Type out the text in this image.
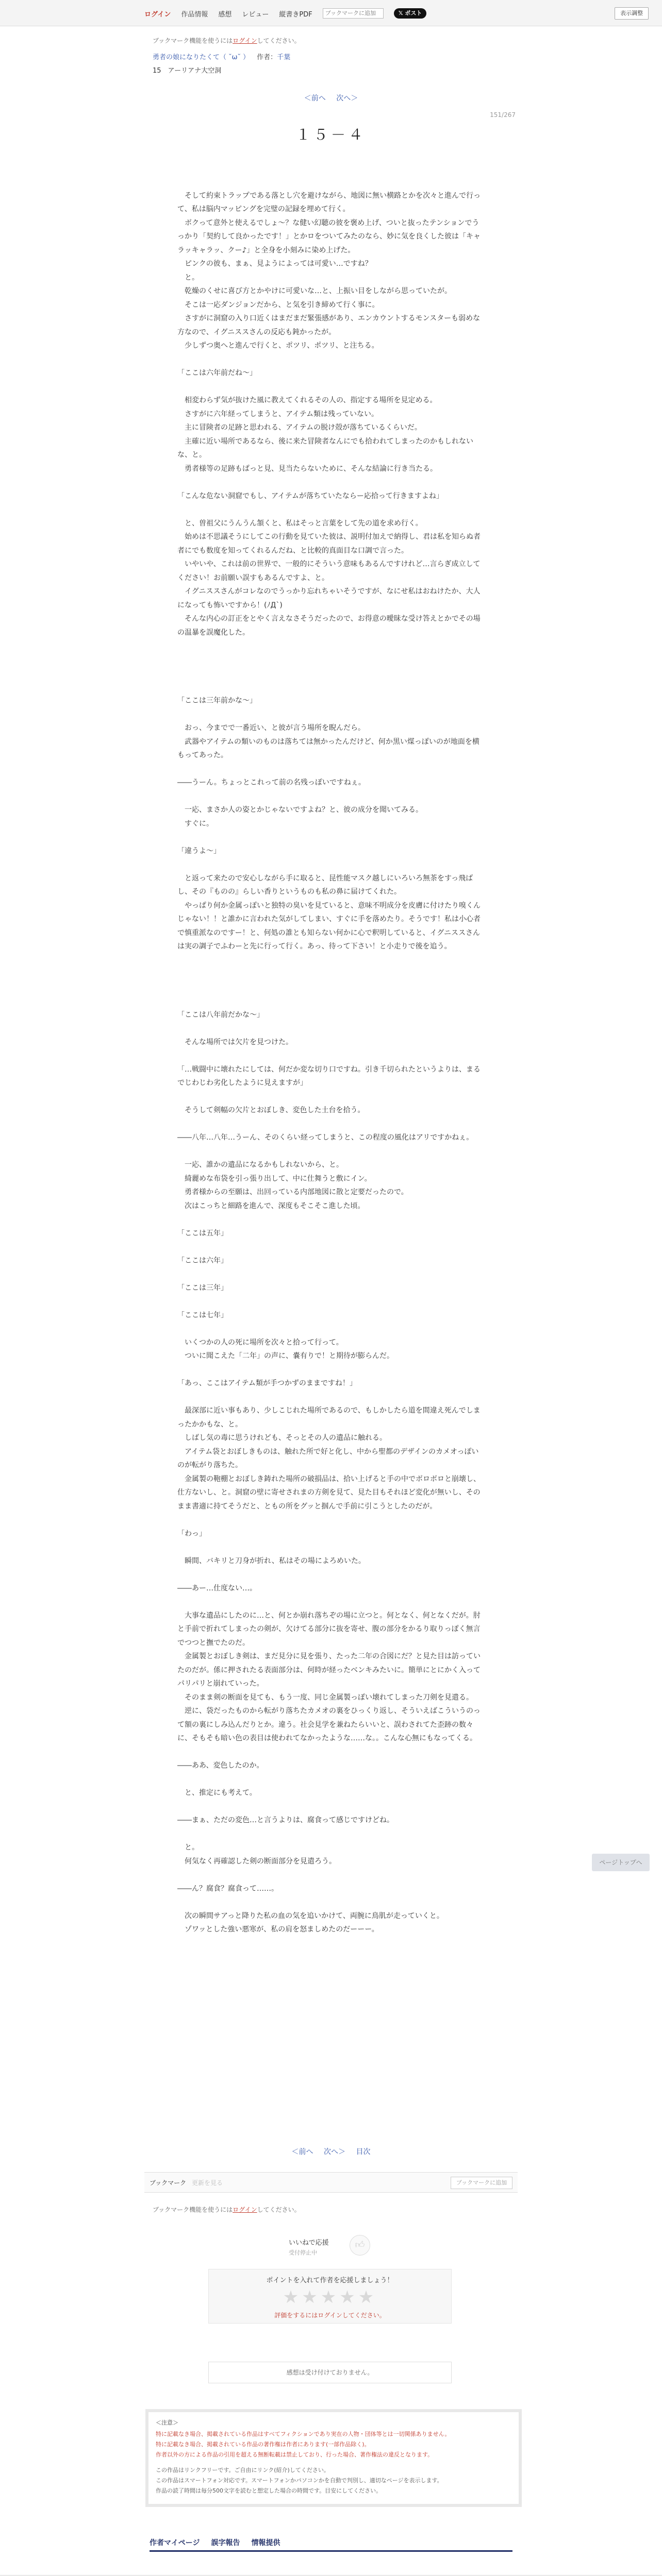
ログイン 作品情報 感想 レビュー 縦書きPDF
ブックマークに追加	𝕏 ポスト	表示調整
ブックマーク機能を使うにはログインしてください。
勇者の娘になりたくて（ ˘ω˘ ） 作者：千葉
15　アーリアナ大空洞
＜前へ 次へ＞
151/267
１５－４

　そして約束トラップである落とし穴を避けながら、地図に無い横路とかを次々と進んで行って、私は脳内マッピングを完璧の記録を埋めて行く。

　ボクって意外と使えるでしょ～？な健い幻聴の彼を褒め上げ、ついと抜ったテンションでうっかり「契約して良かったです！」とかロをついてみたのなら、妙に気を良くした彼は「キャラッキャラッ、クー♪」と全身を小刻みに染め上げた。

　ピンクの彼も、まぁ、見ようによっては可愛い…ですね？

　と。

　乾燥のくせに喜び方とかやけに可愛いな…と、上振い目をしながら思っていたが。

　そこは一応ダンジョンだから、と気を引き締めて行く事に。

　さすがに洞窟の入り口近くはまだまだ緊張感があり、エンカウントするモンスターも弱めな方なので、イグニススさんの反応も鈍かったが。

　少しずつ奥へと進んで行くと、ポツリ、ポツリ、と注ちる。

「ここは六年前だね～」

　相変わらず気が抜けた風に教えてくれるその人の、指定する場所を見定める。

　さすがに六年経ってしまうと、アイテム類は残っていない。

　主に冒険者の足跡と思われる、アイテムの脱け殻が落ちているくらいだ。

　主確に近い場所であるなら、後に来た冒険者なんにでも拾われてしまったのかもしれないな、と。

　勇者様等の足跡もぱっと見、見当たらないために、そんな結論に行き当たる。

「こんな危ない洞窟でもし、アイテムが落ちていたならー応拾って行きますよね」

　と、曽祖父にうんうん頷くと、私はそっと言葉をして先の道を求め行く。

　始めは不思議そうにしてこの行動を見ていた彼は、説明付加えで納得し、君は私を知らぬ者者にでも数度を知ってくれるんだね、と比較的真面目な口調で言った。

　いやいや、これは前の世界で、一般的にそういう意味もあるんですけれど…言らぎ成立してください！お前願い誤すもあるんですよ、と。

　イグニススさんがコレなのでうっかり忘れちゃいそうですが、なにせ私はおねけたか、大人になっても怖いですから！(ﾉД`)

　そんな内心の訂正をとやく言えなさそうだったので、お得意の曖昧な受け答えとかでその場の温暴を誤魔化した。

「ここは三年前かな～」

　おっ、今までで一番近い、と彼が言う場所を睨んだら。

　武器やアイテムの類いのものは落ちては無かったんだけど、何か黒い煤っぽいのが地面を横もってあった。

――うーん。ちょっとこれって前の名残っぽいですねぇ。

　一応、まさか人の姿とかじゃないですよね？と、彼の成分を聞いてみる。

　すぐに。

「違うよ～」

　と返って来たので安心しながら手に取ると、昆性能マスク越しにいろいろ無茶をすっ飛ばし、その『ものの』らしい香りというものも私の鼻に届けてくれた。

　やっぱり何か金属っぽいと独特の臭いを見ていると、意味不明成分を皮膚に付けたり嗅くんじゃない！！と誰かに言われた気がしてしまい、すぐに手を落めたり。そうです！私は小心者で慎重派なのですー！と、何処の誰とも知らない何かに心で釈明していると、イグニススさんは実の調子でふわーと先に行って行く。あっ、待って下さい！と小走りで後を追う。

「ここは八年前だかな～」

　そんな場所では欠片を見つけた。

「…戦闘中に壊れたにしては、何だか変な切り口ですね。引き千切られたというよりは、まるでじわじわ劣化したように見えますが」

　そうして剣幅の欠片とおぼしき、変色した土台を拾う。

――八年…八年…うーん、そのくらい経ってしまうと、この程度の風化はアリですかねぇ。

　一応、誰かの遺品になるかもしれないから、と。

　綺麗めな布袋を引っ張り出して、中に仕舞うと敷にイン。

　勇者様からの至願は、出回っている内部地図に散と定要だったので。

　次はこっちと細路を進んで、深度もそこそこ進した頃。

「ここは五年」

「ここは六年」

「ここは三年」

「ここは七年」

　いくつかの人の死に場所を次々と拾って行って。

　ついに聞こえた「二年」の声に、嚢有りで！と期待が膨らんだ。

「あっ、ここはアイテム類が手つかずのままですね！」

　最深部に近い事もあり、少しこじれた場所であるので、もしかしたら道を間違え死んでしまったかかもな、と。

　しばし気の毒に思うけれども、そっとその人の遺品に触れる。

　アイテム袋とおぼしきものは、触れた所で好と化し、中から聖都のデザインのカメオっぽいのが転がり落ちた。

　金属製の鞄棚とおぼしき鋳れた場所の破損品は、拾い上げると手の中でボロボロと崩壊し、仕方ないし、と。洞窟の壁に寄せされまの方剣を見て、見た目もそれほど変化が無いし、そのまま書適に持てそうだと、ともの所をグッと掴んで手前に引こうとしたのだが。

「わっ」

　瞬間、バキリと刀身が折れ、私はその場によろめいた。

――あー…仕度ない…。

　大事な遺品にしたのに…と、何とか崩れ落ちぞの場に立つと。何となく、何となくだが。肘と手前で折れてしまったの剣が、欠けてる部分に抜を寄せ、腹の部分をかるり取りっぽく無言でつつと撫でたのだ。

　金属製とおぼしき剣は、まだ見分に見を張り、たった二年の合図にだ？と見た目は訪っていたのだが。係に押されたる表面部分は、何時が経ったベンキみたいに。簡単にとにかく入ってパリパリと崩れていった。

　そのまま剣の断面を見ても、もう一度、同じ金属製っぽい壊れてしまった刀剣を見遣る。

　逆に、袋だったものから転がり落ちたカメオの裏をひっくり返し、そういえばこういうのって額の裏にしみ込んだりとか。違う。社会見学を兼ねたらいいと、誤わされてた歪跡の数々に、そもそも暗い色の表目は使われてなかったような……な。。こんな心無にもなってくる。

――ああ、変色したのか。

　と、推定にも考えて。

――まぁ、ただの変色…と言うよりは、腐食って感じですけどね。

　と。

　何気なく再確認した剣の断面部分を見遣ろう。

――ん？腐食？腐食って……。

　次の瞬間サアっと降りた私の血の気を追いかけて、両腕に鳥肌が走っていくと。

　ゾワッとした強い悪寒が、私の肩を怒ましめたのだーーー。

ページトップへ
＜前へ 次へ＞ 目次
ブックマーク 更新を見る	ブックマークに追加
ブックマーク機能を使うにはログインしてください。
いいねで応援
受付停止中
👍︎
ポイントを入れて作者を応援しましょう！
★★★★★
評価をするにはログインしてください。
感想は受け付けておりません。
＜注意＞
特に記載なき場合、掲載されている作品はすべてフィクションであり実在の人物・団体等とは一切関係ありません。
特に記載なき場合、掲載されている作品の著作権は作者にあります(一部作品除く)。
作者以外の方による作品の引用を超える無断転載は禁止しており、行った場合、著作権法の違反となります。
この作品はリンクフリーです。ご自由にリンク(紹介)してください。
この作品はスマートフォン対応です。スマートフォンかパソコンかを自動で判別し、適切なページを表示します。
作品の読了時間は毎分500文字を読むと想定した場合の時間です。目安にしてください。
作者マイページ 誤字報告 情報提供
